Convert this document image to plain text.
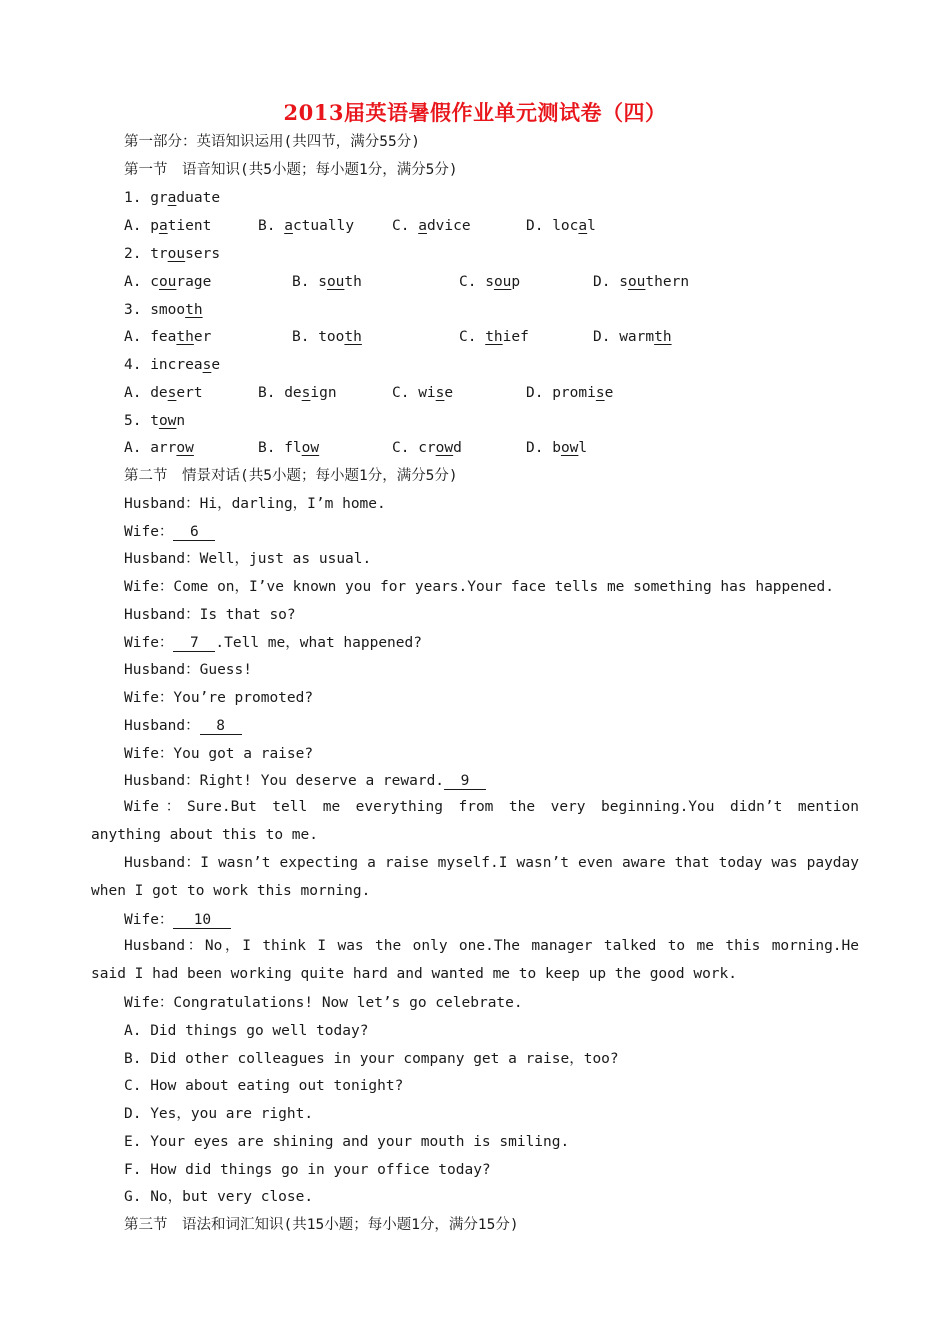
2013届英语暑假作业单元测试卷（四）
第一部分：英语知识运用(共四节，满分55分)
第一节　语音知识(共5小题；每小题1分，满分5分)
1. graduate
A. patient	B. actually	C. advice	D. local
2. trousers
A. courage	B. south	C. soup	D. southern
3. smooth
A. feather	B. tooth	C. thief	D. warmth
4. increase
A. desert	B. design	C. wise	D. promise
5. town
A. arrow	B. flow	C. crowd	D. bowl
第二节　情景对话(共5小题；每小题1分，满分5分)
Husband：Hi，darling，I’m home.
Wife： 6
Husband：Well，just as usual.
Wife：Come on，I’ve known you for years.Your face tells me something has happened.
Husband：Is that so?
Wife： 7 .Tell me，what happened?
Husband：Guess!
Wife：You’re promoted?
Husband： 8
Wife：You got a raise?
Husband：Right! You deserve a reward. 9
Wife：Sure.But tell me everything from the very beginning.You didn’t mention anything about this to me.
Husband：I wasn’t expecting a raise myself.I wasn’t even aware that today was payday when I got to work this morning.
Wife： 10
Husband：No，I think I was the only one.The manager talked to me this morning.He said I had been working quite hard and wanted me to keep up the good work.
Wife：Congratulations! Now let’s go celebrate.
A. Did things go well today?
B. Did other colleagues in your company get a raise，too?
C. How about eating out tonight?
D. Yes，you are right.
E. Your eyes are shining and your mouth is smiling.
F. How did things go in your office today?
G. No，but very close.
第三节　语法和词汇知识(共15小题；每小题1分，满分15分)
